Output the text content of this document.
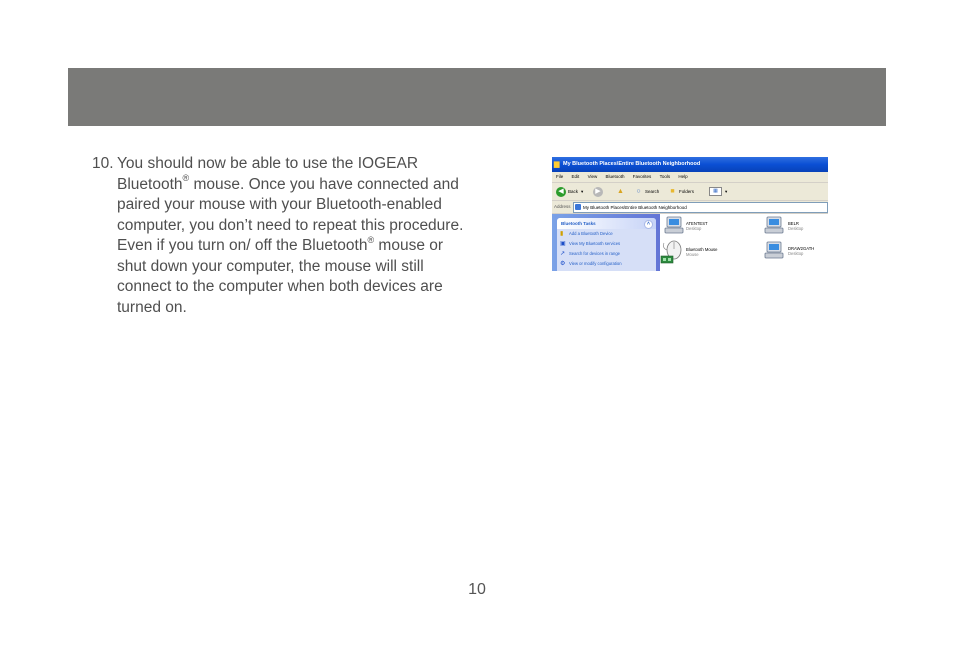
10. You should now be able to use the IOGEAR Bluetooth® mouse. Once you have connected and paired your mouse with your Bluetooth-enabled computer, you don’t need to repeat this procedure. Even if you turn on/ off the Bluetooth® mouse or shut down your computer, the mouse will still connect to the computer when both devices are turned on.
▆ My Bluetooth Places\Entire Bluetooth Neighborhood
File Edit View Bluetooth Favorites Tools Help
◀ Back ▾	▶	▲	○ Search	■ Folders	▦	▾
Address	My Bluetooth Places\Entire Bluetooth Neighborhood
Bluetooth Tasks	˄
▮	Add a Bluetooth Device
▣ View My Bluetooth services
↗ Search for devices in range
⚙ View or modify configuration
ATENTEST
Desktop
BELR
Desktop
Bluetooth Mouse
Mouse
DRAW2GATH
Desktop
10
